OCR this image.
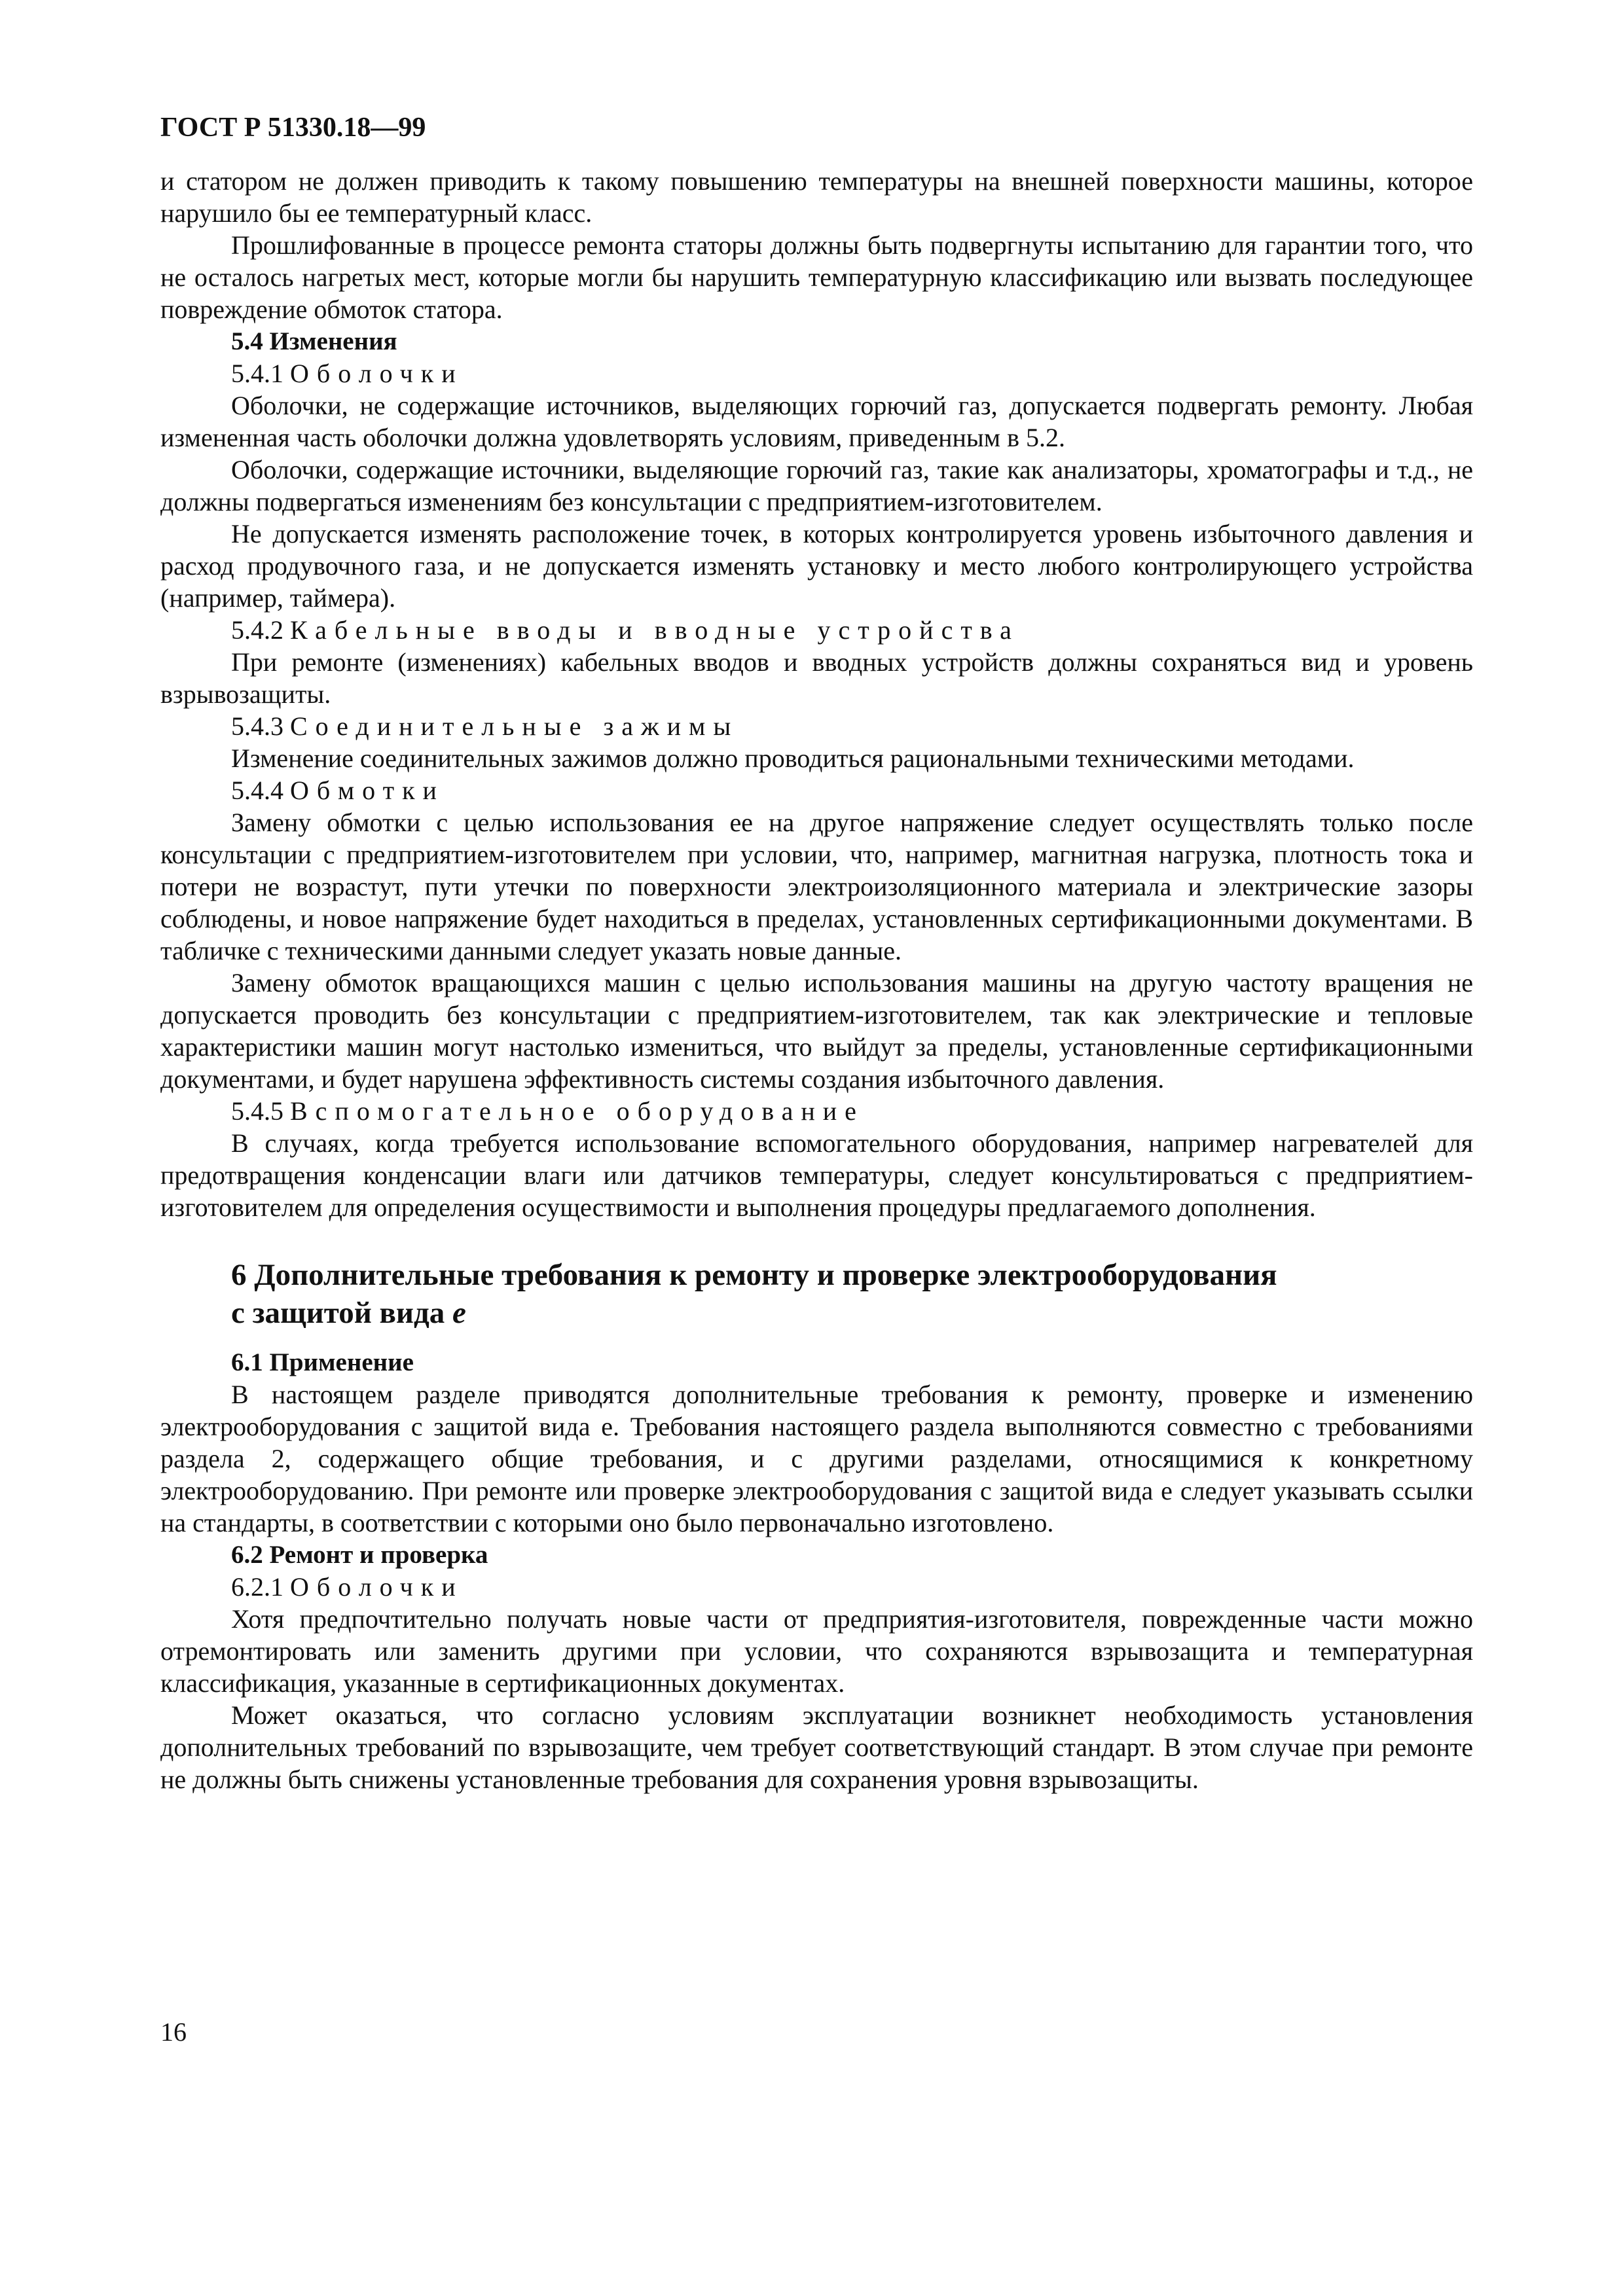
ГОСТ Р 51330.18—99

и статором не должен приводить к такому повышению температуры на внешней поверхности машины, которое нарушило бы ее температурный класс.

Прошлифованные в процессе ремонта статоры должны быть подвергнуты испытанию для гарантии того, что не осталось нагретых мест, которые могли бы нарушить температурную классификацию или вызвать последующее повреждение обмоток статора.

5.4 Изменения
5.4.1 Оболочки

Оболочки, не содержащие источников, выделяющих горючий газ, допускается подвергать ремонту. Любая измененная часть оболочки должна удовлетворять условиям, приведенным в 5.2.

Оболочки, содержащие источники, выделяющие горючий газ, такие как анализаторы, хроматографы и т.д., не должны подвергаться изменениям без консультации с предприятием-изготовителем.

Не допускается изменять расположение точек, в которых контролируется уровень избыточного давления и расход продувочного газа, и не допускается изменять установку и место любого контролирующего устройства (например, таймера).

5.4.2 Кабельные вводы и вводные устройства

При ремонте (изменениях) кабельных вводов и вводных устройств должны сохраняться вид и уровень взрывозащиты.

5.4.3 Соединительные зажимы

Изменение соединительных зажимов должно проводиться рациональными техническими методами.

5.4.4 Обмотки

Замену обмотки с целью использования ее на другое напряжение следует осуществлять только после консультации с предприятием-изготовителем при условии, что, например, магнитная нагрузка, плотность тока и потери не возрастут, пути утечки по поверхности электроизоляционного материала и электрические зазоры соблюдены, и новое напряжение будет находиться в пределах, установленных сертификационными документами. В табличке с техническими данными следует указать новые данные.

Замену обмоток вращающихся машин с целью использования машины на другую частоту вращения не допускается проводить без консультации с предприятием-изготовителем, так как электрические и тепловые характеристики машин могут настолько измениться, что выйдут за пределы, установленные сертификационными документами, и будет нарушена эффективность системы создания избыточного давления.

5.4.5 Вспомогательное оборудование

В случаях, когда требуется использование вспомогательного оборудования, например нагревателей для предотвращения конденсации влаги или датчиков температуры, следует консультироваться с предприятием-изготовителем для определения осуществимости и выполнения процедуры предлагаемого дополнения.

6 Дополнительные требования к ремонту и проверке электрооборудования
с защитой вида e
6.1 Применение

В настоящем разделе приводятся дополнительные требования к ремонту, проверке и изменению электрооборудования с защитой вида е. Требования настоящего раздела выполняются совместно с требованиями раздела 2, содержащего общие требования, и с другими разделами, относящимися к конкретному электрооборудованию. При ремонте или проверке электрооборудования с защитой вида е следует указывать ссылки на стандарты, в соответствии с которыми оно было первоначально изготовлено.

6.2 Ремонт и проверка
6.2.1 Оболочки

Хотя предпочтительно получать новые части от предприятия-изготовителя, поврежденные части можно отремонтировать или заменить другими при условии, что сохраняются взрывозащита и температурная классификация, указанные в сертификационных документах.

Может оказаться, что согласно условиям эксплуатации возникнет необходимость установления дополнительных требований по взрывозащите, чем требует соответствующий стандарт. В этом случае при ремонте не должны быть снижены установленные требования для сохранения уровня взрывозащиты.

16
